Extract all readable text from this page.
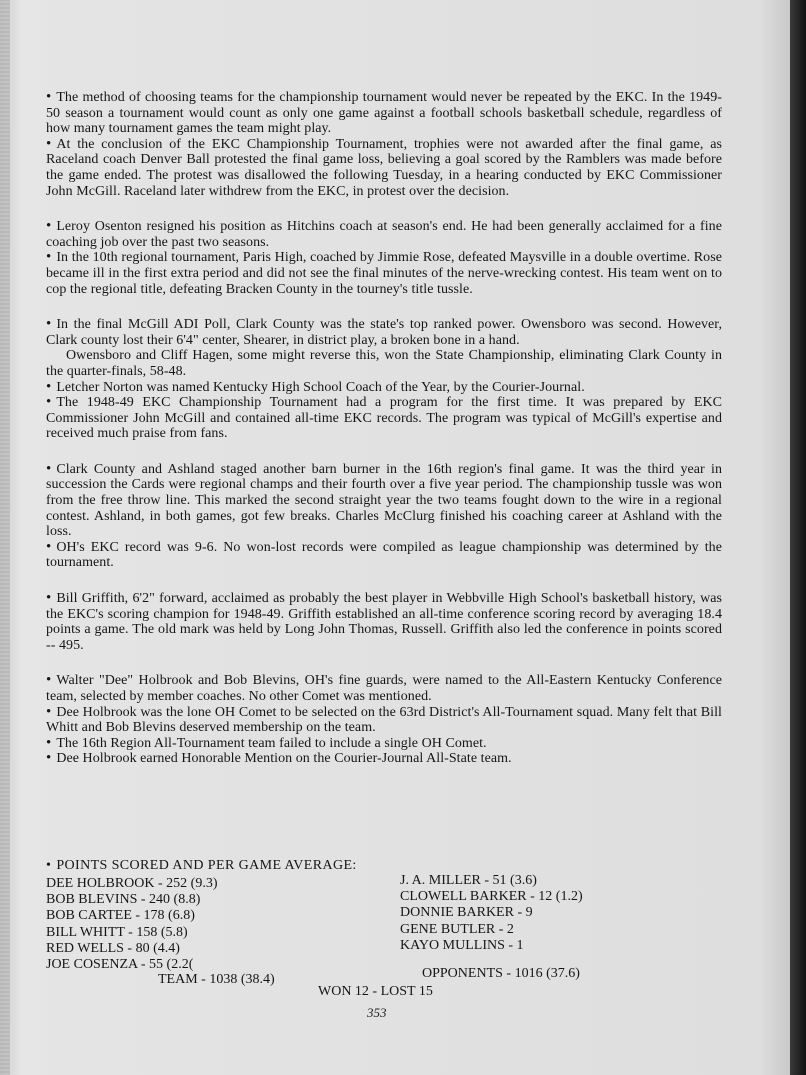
• The method of choosing teams for the championship tournament would never be repeated by the EKC. In the 1949-50 season a tournament would count as only one game against a football schools basketball schedule, regardless of how many tournament games the team might play.

• At the conclusion of the EKC Championship Tournament, trophies were not awarded after the final game, as Raceland coach Denver Ball protested the final game loss, believing a goal scored by the Ramblers was made before the game ended. The protest was disallowed the following Tuesday, in a hearing conducted by EKC Commissioner John McGill. Raceland later withdrew from the EKC, in protest over the decision.

• Leroy Osenton resigned his position as Hitchins coach at season's end. He had been generally acclaimed for a fine coaching job over the past two seasons.

• In the 10th regional tournament, Paris High, coached by Jimmie Rose, defeated Maysville in a double overtime. Rose became ill in the first extra period and did not see the final minutes of the nerve-wrecking contest. His team went on to cop the regional title, defeating Bracken County in the tourney's title tussle.

• In the final McGill ADI Poll, Clark County was the state's top ranked power. Owensboro was second. However, Clark county lost their 6'4" center, Shearer, in district play, a broken bone in a hand.

Owensboro and Cliff Hagen, some might reverse this, won the State Championship, eliminating Clark County in the quarter-finals, 58-48.

• Letcher Norton was named Kentucky High School Coach of the Year, by the Courier-Journal.

• The 1948-49 EKC Championship Tournament had a program for the first time. It was prepared by EKC Commissioner John McGill and contained all-time EKC records. The program was typical of McGill's expertise and received much praise from fans.

• Clark County and Ashland staged another barn burner in the 16th region's final game. It was the third year in succession the Cards were regional champs and their fourth over a five year period. The championship tussle was won from the free throw line. This marked the second straight year the two teams fought down to the wire in a regional contest. Ashland, in both games, got few breaks. Charles McClurg finished his coaching career at Ashland with the loss.

• OH's EKC record was 9-6. No won-lost records were compiled as league championship was determined by the tournament.

• Bill Griffith, 6'2" forward, acclaimed as probably the best player in Webbville High School's basketball history, was the EKC's scoring champion for 1948-49. Griffith established an all-time conference scoring record by averaging 18.4 points a game. The old mark was held by Long John Thomas, Russell. Griffith also led the conference in points scored -- 495.

• Walter "Dee" Holbrook and Bob Blevins, OH's fine guards, were named to the All-Eastern Kentucky Conference team, selected by member coaches. No other Comet was mentioned.

• Dee Holbrook was the lone OH Comet to be selected on the 63rd District's All-Tournament squad. Many felt that Bill Whitt and Bob Blevins deserved membership on the team.

• The 16th Region All-Tournament team failed to include a single OH Comet.

• Dee Holbrook earned Honorable Mention on the Courier-Journal All-State team.

• POINTS SCORED AND PER GAME AVERAGE:
DEE HOLBROOK - 252 (9.3)
BOB BLEVINS - 240 (8.8)
BOB CARTEE - 178 (6.8)
BILL WHITT - 158 (5.8)
RED WELLS - 80 (4.4)
JOE COSENZA - 55 (2.2(
J. A. MILLER - 51 (3.6)
CLOWELL BARKER - 12 (1.2)
DONNIE BARKER - 9
GENE BUTLER - 2
KAYO MULLINS - 1
TEAM - 1038 (38.4)	OPPONENTS - 1016 (37.6)
WON 12 - LOST 15
353
